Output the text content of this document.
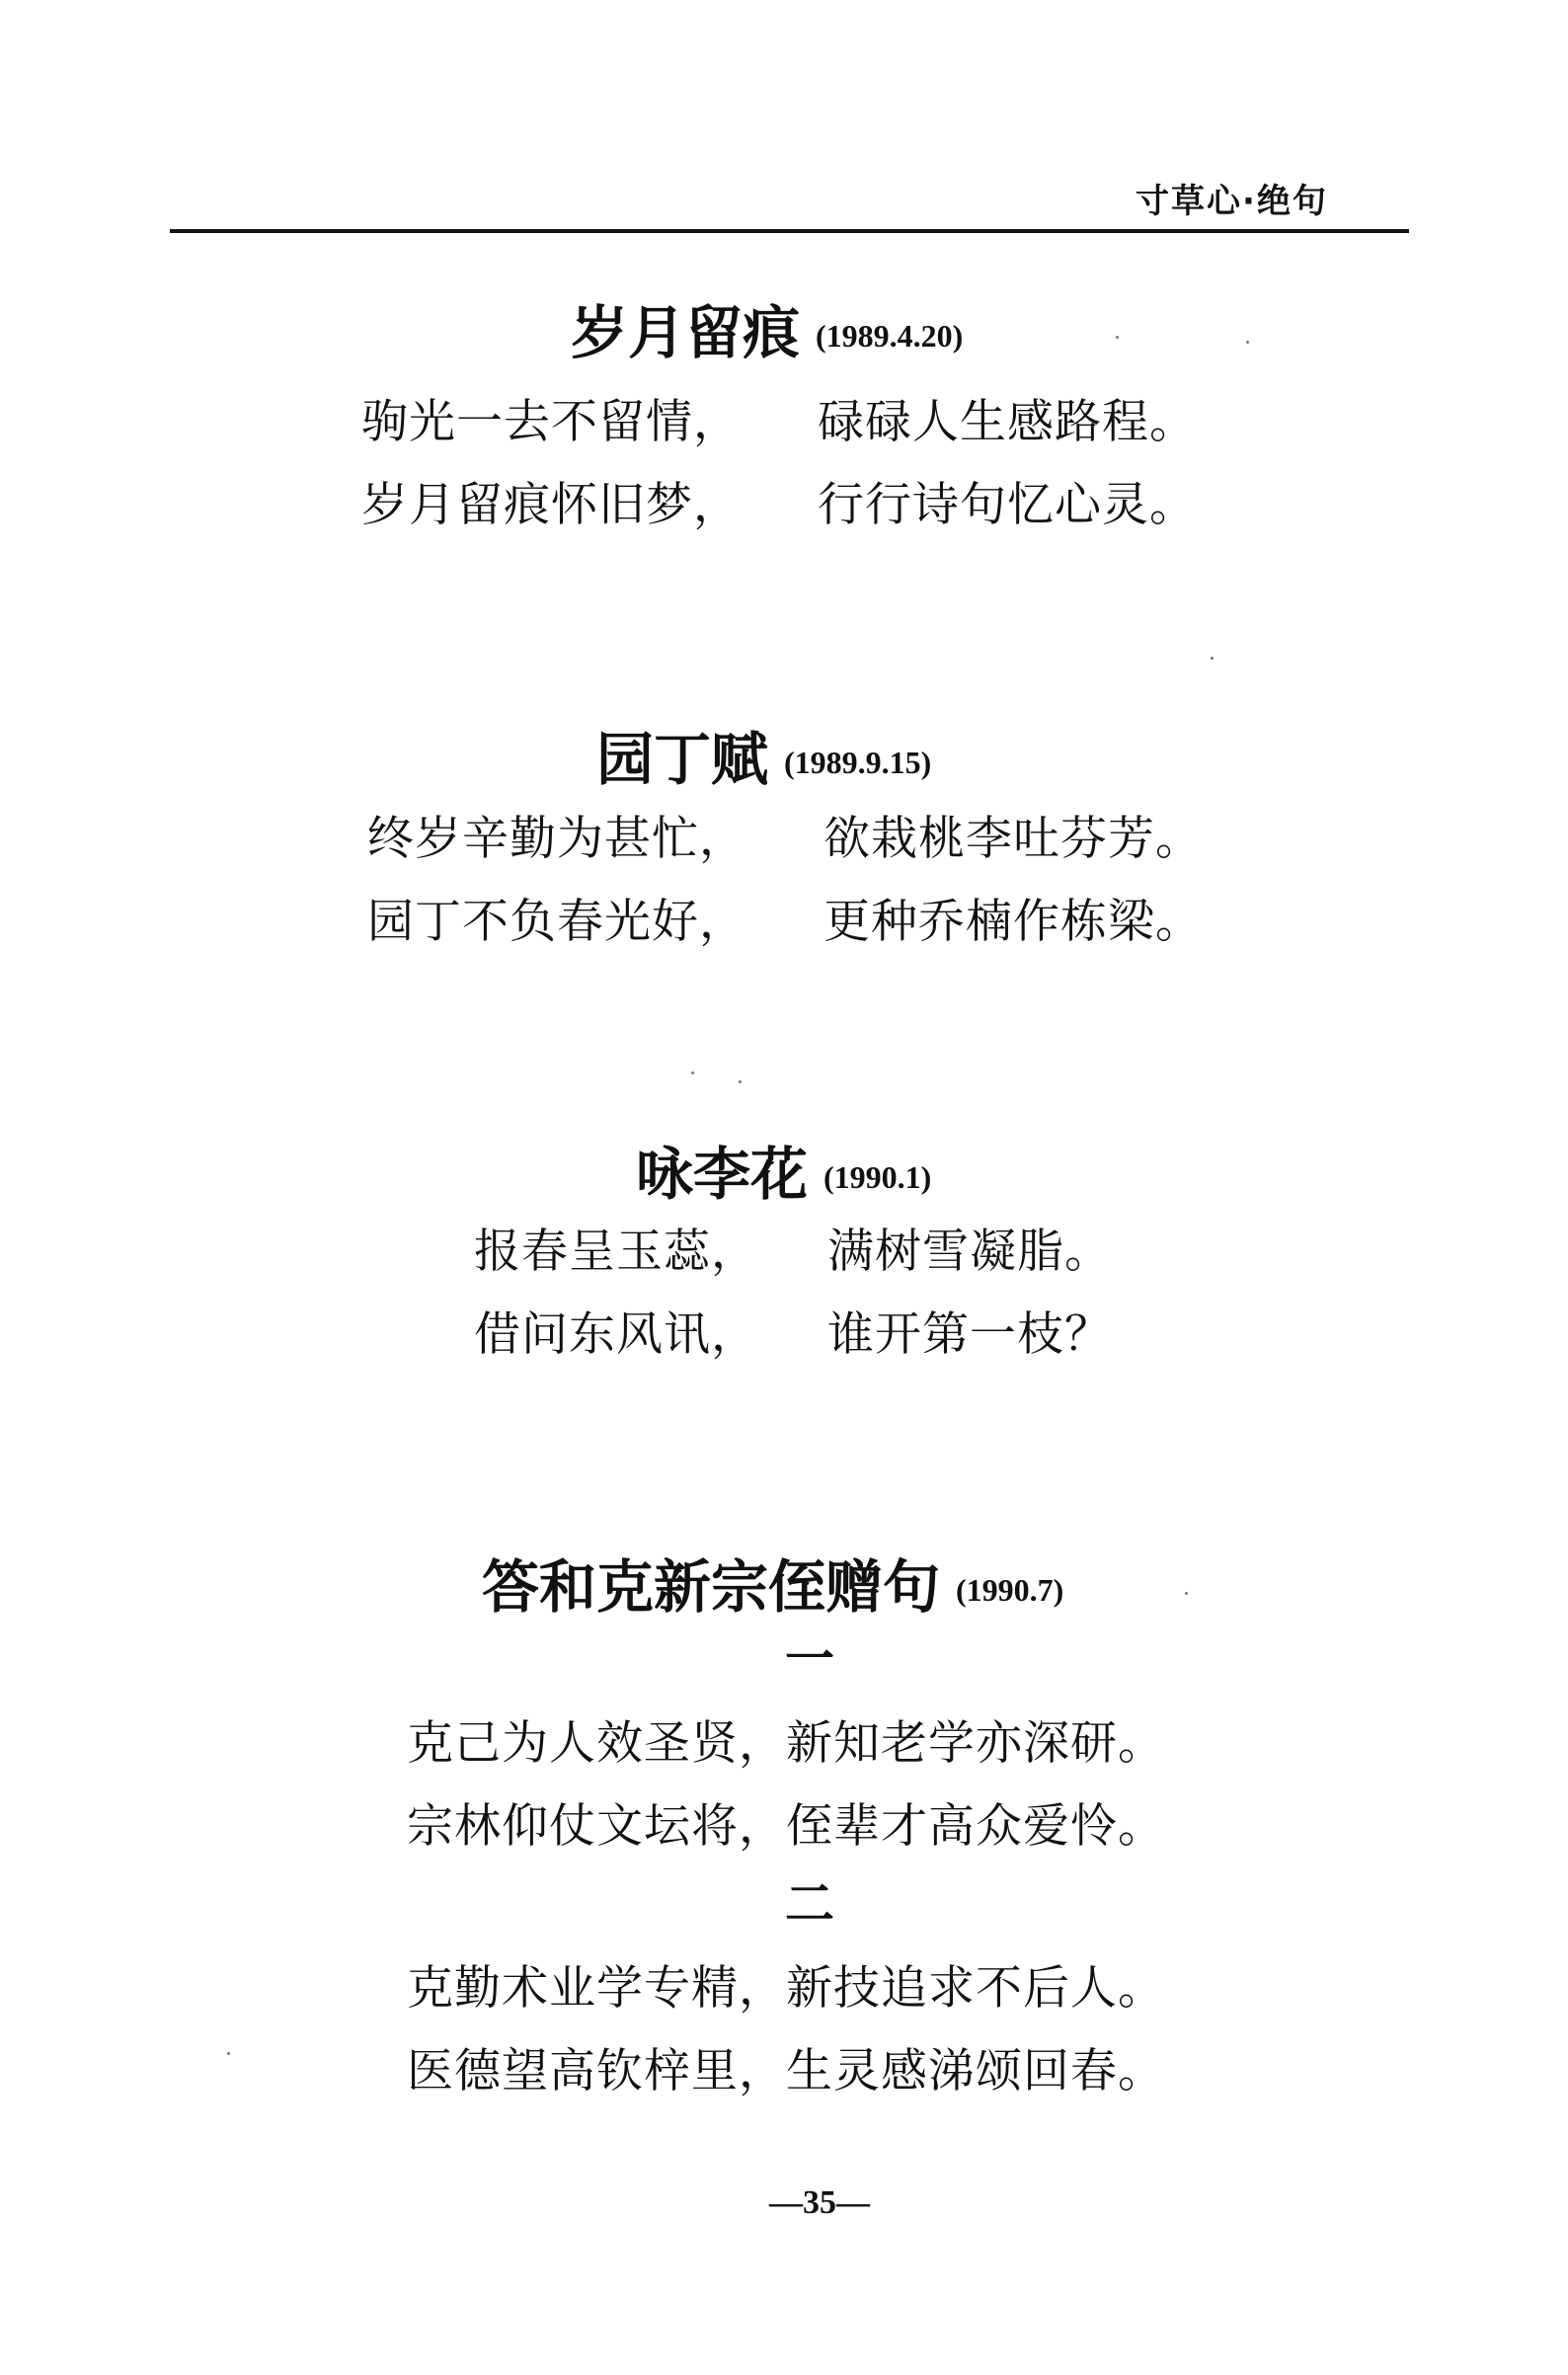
寸草心·绝句
岁月留痕 (1989.4.20)
驹光一去不留情， 碌碌人生感路程。
岁月留痕怀旧梦， 行行诗句忆心灵。
园丁赋 (1989.9.15)
终岁辛勤为甚忙， 欲栽桃李吐芬芳。
园丁不负春光好， 更种乔楠作栋梁。
咏李花 (1990.1)
报春呈玉蕊， 满树雪凝脂。
借问东风讯， 谁开第一枝？
答和克新宗侄赠句 (1990.7)
一
克己为人效圣贤，新知老学亦深研。
宗林仰仗文坛将，侄辈才高众爱怜。
二
克勤术业学专精，新技追求不后人。
医德望高钦梓里，生灵感涕颂回春。
—35—
